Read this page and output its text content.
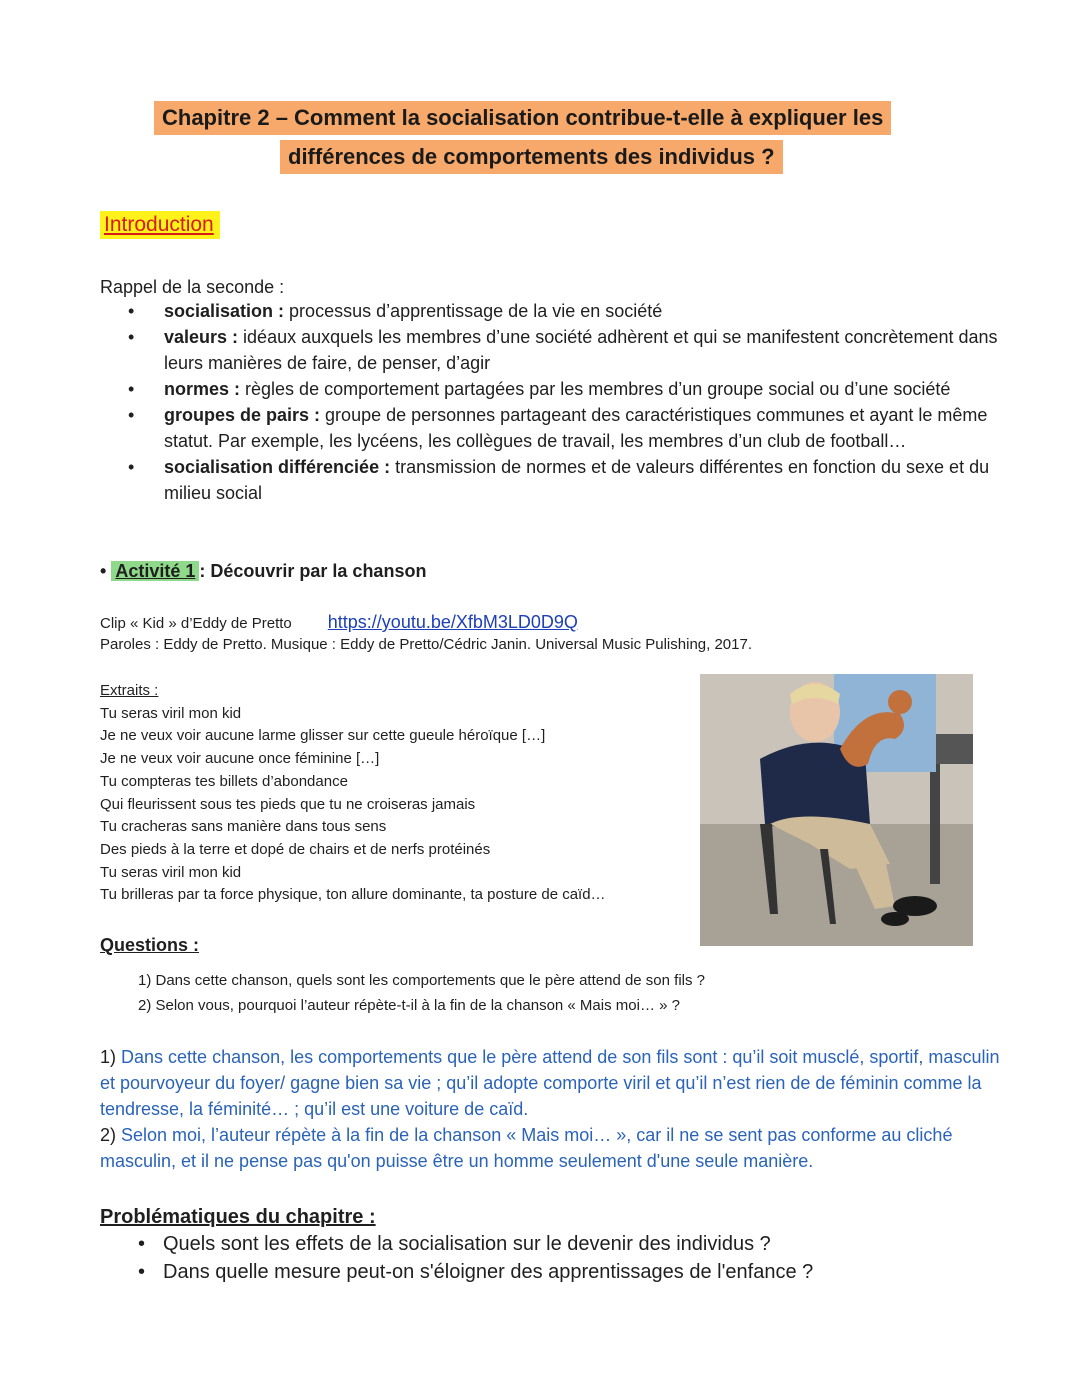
Chapitre 2 – Comment la socialisation contribue-t-elle à expliquer les
différences de comportements des individus ?
Introduction
Rappel de la seconde :
• socialisation : processus d’apprentissage de la vie en société
• valeurs : idéaux auxquels les membres d’une société adhèrent et qui se manifestent concrètement dans leurs manières de faire, de penser, d’agir
• normes : règles de comportement partagées par les membres d’un groupe social ou d’une société
• groupes de pairs : groupe de personnes partageant des caractéristiques communes et ayant le même statut. Par exemple, les lycéens, les collègues de travail, les membres d’un club de football…
• socialisation différenciée : transmission de normes et de valeurs différentes en fonction du sexe et du milieu social
• Activité 1 : Découvrir par la chanson
Clip « Kid » d’Eddy de Pretto https://youtu.be/XfbM3LD0D9Q
Paroles : Eddy de Pretto. Musique : Eddy de Pretto/Cédric Janin. Universal Music Pulishing, 2017.
Extraits :
Tu seras viril mon kid
Je ne veux voir aucune larme glisser sur cette gueule héroïque […]
Je ne veux voir aucune once féminine […]
Tu compteras tes billets d’abondance
Qui fleurissent sous tes pieds que tu ne croiseras jamais
Tu cracheras sans manière dans tous sens
Des pieds à la terre et dopé de chairs et de nerfs protéinés
Tu seras viril mon kid
Tu brilleras par ta force physique, ton allure dominante, ta posture de caïd…
Questions :
1) Dans cette chanson, quels sont les comportements que le père attend de son fils ?
2) Selon vous, pourquoi l’auteur répète-t-il à la fin de la chanson « Mais moi… » ?
1) Dans cette chanson, les comportements que le père attend de son fils sont : qu’il soit musclé, sportif, masculin et pourvoyeur du foyer/ gagne bien sa vie ; qu’il adopte comporte viril et qu’il n’est rien de de féminin comme la tendresse, la féminité… ; qu’il est une voiture de caïd.
2) Selon moi, l’auteur répète à la fin de la chanson « Mais moi… », car il ne se sent pas conforme au cliché masculin, et il ne pense pas qu'on puisse être un homme seulement d'une seule manière.
Problématiques du chapitre :
• Quels sont les effets de la socialisation sur le devenir des individus ?
• Dans quelle mesure peut-on s'éloigner des apprentissages de l'enfance ?
